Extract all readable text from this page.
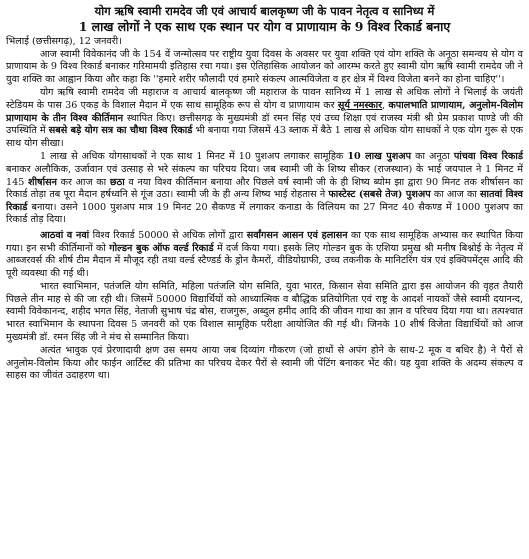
योग ऋषि स्वामी रामदेव जी एवं आचार्य बालकृष्ण जी के पावन नेतृत्व व सानिध्य में
1 लाख लोगों ने एक साथ एक स्थान पर योग व प्राणायाम के 9 विश्व रिकार्ड बनाए
भिलाई (छत्तीसगढ़), 12 जनवरी।

आज स्वामी विवेकानंद जी के 154 वें जन्मोत्सव पर राष्ट्रीय युवा दिवस के अवसर पर युवा शक्ति एवं योग शक्ति के अनूठा समन्वय से योग व प्राणायाम के 9 विश्व रिकार्ड बनाकर गरिमामयी इतिहास रचा गया। इस ऐतिहासिक आयोजन को आरम्भ करते हुए स्वामी योग ऋषि स्वामी रामदेव जी ने युवा शक्ति का आह्वान किया और कहा कि ''हमारे शरीर फौलादी एवं हमारे संकल्प आत्मविजेता व हर क्षेत्र में विश्व विजेता बनने का होना चाहिए''।

योग ऋषि स्वामी रामदेव जी महाराज व आचार्य बालकृष्ण जी महाराज के पावन सानिध्य में 1 लाख से अधिक लोगों ने भिलाई के जयंती स्टेडियम के पास 36 एकड़ के विशाल मैदान में एक साथ सामूहिक रूप से योग व प्राणायाम कर सूर्य नमस्कार, कपालभाति प्राणायाम, अनुलोम-विलोम प्राणायाम के तीन विश्व कीर्तिमान स्थापित किए। छत्तीसगढ़ के मुख्यमंत्री डॉ रमन सिंह एवं उच्च शिक्षा एवं राजस्व मंत्री श्री प्रेम प्रकाश पाण्डे जी की उपस्थिति में सबसे बड़े योग सत्र का चौथा विश्व रिकार्ड भी बनाया गया जिसमें 43 ब्लाक में बैठे 1 लाख से अधिक योग साधकों ने एक योग गुरू से एक साथ योग सीखा।

1 लाख से अधिक योगसाधकों ने एक साथ 1 मिनट में 10 पुशअप लगाकर सामूहिक 10 लाख पुशअप का अनूठा पांचवा विश्व रिकार्ड बनाकर अलौकिक, उर्जावान एवं उत्साह से भरे संकल्प का परिचय दिया। जब स्वामी जी के शिष्य सीकर (राजस्थान) के भाई जयपाल ने 1 मिनट में 145 शीर्षासन कर आज का छठा व नया विश्व कीर्तिमान बनाया और पिछले वर्ष स्वामी जी के ही शिष्य ब्योम झा द्वारा 90 मिनट तक शीर्षासन का रिकार्ड तोड़ा तब पूरा मैदान हर्षध्वनि से गूंज उठा। स्वामी जी के ही अन्य शिष्य भाई रोहतास ने फास्टेस्ट (सबसे तेज) पुशअप का आज का सातवां विश्व रिकार्ड बनाया। उसने 1000 पुशअप मात्र 19 मिनट 20 सैकण्ड में लगाकर कनाडा के विलियम का 27 मिनट 40 सैकण्ड में 1000 पुशअप का रिकार्ड तोड़ दिया।

आठवां व नवां विश्व रिकार्ड 50000 से अधिक लोगों द्वारा सर्वांगसन आसन एवं हलासन का एक साथ सामूहिक अभ्यास कर स्थापित किया गया। इन सभी कीर्तिमानों को गोल्डन बुक ऑफ वर्ल्ड रिकार्ड में दर्ज किया गया। इसके लिए गोल्डन बुक के एशिया प्रमुख श्री मनीष बिश्नोई के नेतृत्व में आब्जरवर्स की शीर्ष टीम मैदान में मौजूद रही तथा वर्ल्ड स्टैण्डर्ड के ड्रोन कैमरों, वीडियोग्राफी, उच्च तकनीक के मानिटरिंग यंत्र एवं इक्विपमेंट्स आदि की पूरी व्यवस्था की गई थी।

भारत स्वाभिमान, पतंजलि योग समिति, महिला पतंजलि योग समिति, युवा भारत, किसान सेवा समिति द्वारा इस आयोजन की वृहत तैयारी पिछले तीन माह से की जा रही थी। जिसमें 50000 विद्यार्थियों को आध्यात्मिक व बौद्धिक प्रतियोगिता एवं राष्ट्र के आदर्श नायकों जैसे स्वामी दयानन्द, स्वामी विवेकानन्द, शहीद भगत सिंह, नेताजी सुभाष चंद्र बोस, राजगुरू, अब्दुल हमीद आदि की जीवन गाथा का ज्ञान व परिचय दिया गया था। तत्पश्चात भारत स्वाभिमान के स्थापना दिवस 5 जनवरी को एक विशाल सामूहिक परीक्षा आयोजित की गई थी। जिनके 10 शीर्ष विजेता विद्यार्थियों को आज मुख्यमंत्री डॉ. रमन सिंह जी ने मंच से सम्मानित किया।

अत्यंत भावुक एवं प्रेरणादायी क्षण उस समय आया जब दिव्यांग गौकरण (जो हाथों से अपंग होने के साथ-2 मूक व बधिर है) ने पैरों से अनुलोम-विलोम किया और फाईन आर्टिस्ट की प्रतिभा का परिचय देकर पैरों से स्वामी जी पेंटिंग बनाकर भेंट की। यह युवा शक्ति के अदम्य संकल्प व साहस का जीवंत उदाहरण था।
